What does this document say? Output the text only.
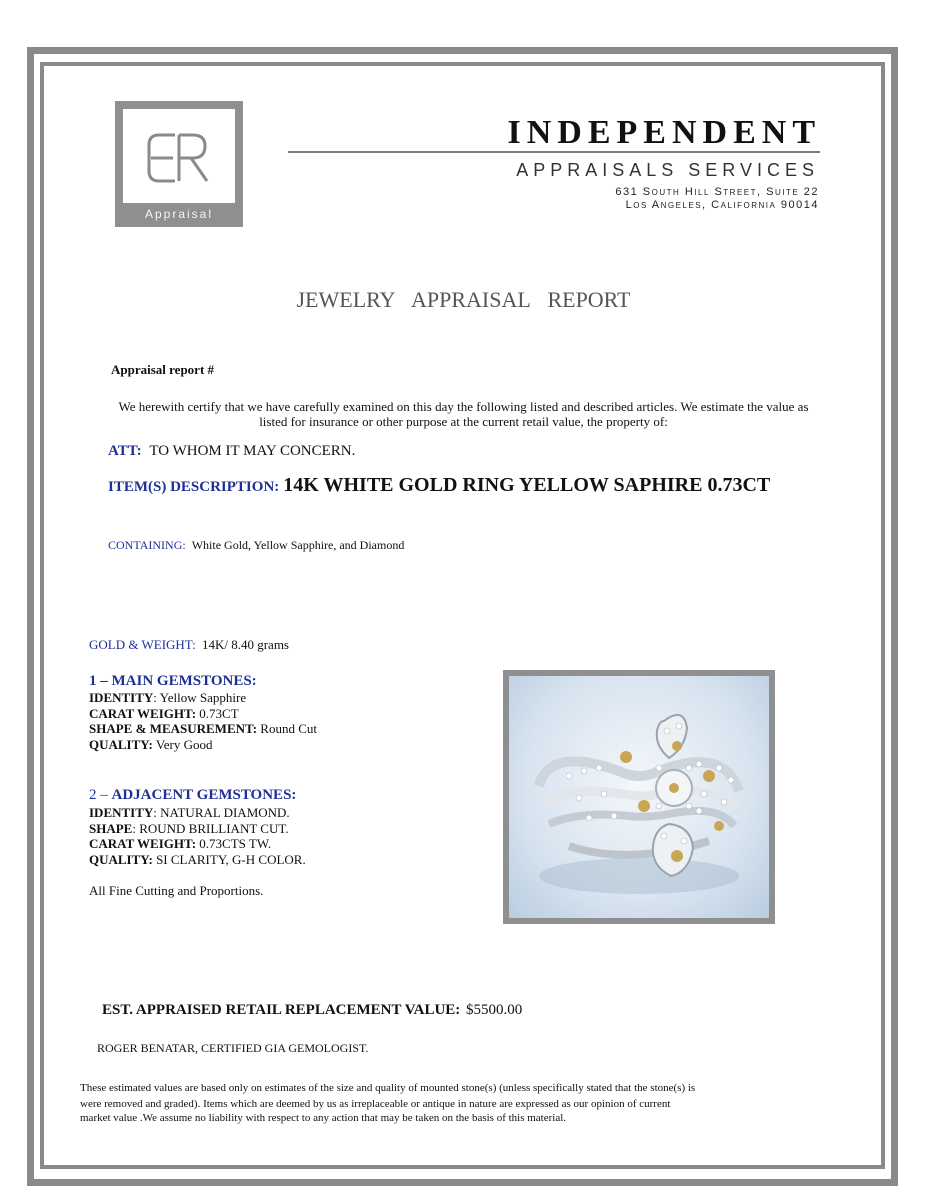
Appraisal
INDEPENDENT
APPRAISALS SERVICES
631 South Hill Street, Suite 22
Los Angeles, California 90014
JEWELRY APPRAISAL REPORT
Appraisal report #
We herewith certify that we have carefully examined on this day the following listed and described articles. We estimate the value as
listed for insurance or other purpose at the current retail value, the property of:
ATT: TO WHOM IT MAY CONCERN.
ITEM(S) DESCRIPTION: 14K WHITE GOLD RING YELLOW SAPHIRE 0.73CT
CONTAINING: White Gold, Yellow Sapphire, and Diamond
GOLD & WEIGHT: 14K/ 8.40 grams
1 – MAIN GEMSTONES:
IDENTITY: Yellow Sapphire
CARAT WEIGHT: 0.73CT
SHAPE & MEASUREMENT: Round Cut
QUALITY: Very Good
2 – ADJACENT GEMSTONES:
IDENTITY: NATURAL DIAMOND.
SHAPE: ROUND BRILLIANT CUT.
CARAT WEIGHT: 0.73CTS TW.
QUALITY: SI CLARITY, G-H COLOR.
All Fine Cutting and Proportions.
EST. APPRAISED RETAIL REPLACEMENT VALUE: $5500.00
ROGER BENATAR, CERTIFIED GIA GEMOLOGIST.
These estimated values are based only on estimates of the size and quality of mounted stone(s) (unless specifically stated that the stone(s) is
were removed and graded). Items which are deemed by us as irreplaceable or antique in nature are expressed as our opinion of current
market value .We assume no liability with respect to any action that may be taken on the basis of this material.
